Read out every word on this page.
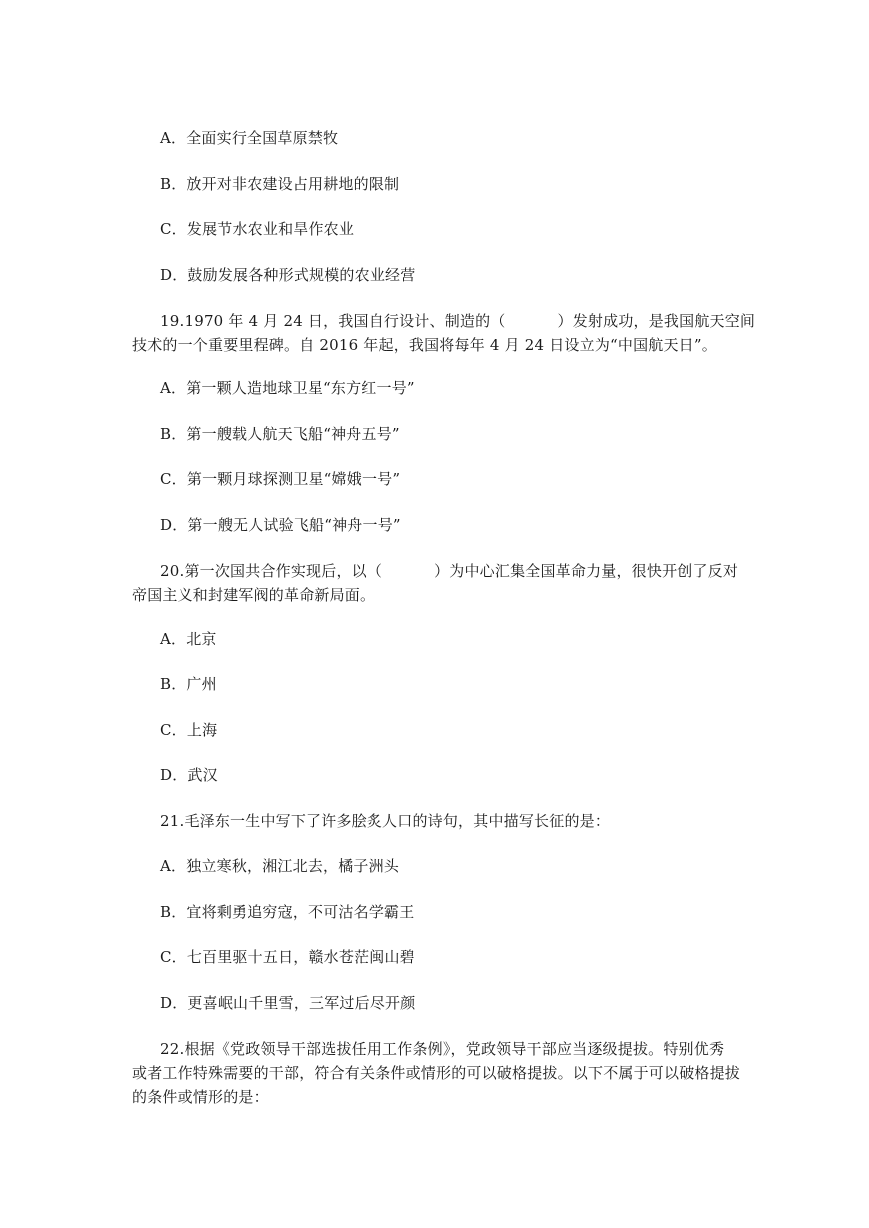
A．全面实行全国草原禁牧
B．放开对非农建设占用耕地的限制
C．发展节水农业和旱作农业
D．鼓励发展各种形式规模的农业经营
19.1970 年 4 月 24 日，我国自行设计、制造的（	）发射成功，是我国航天空间
技术的一个重要里程碑。自 2016 年起，我国将每年 4 月 24 日设立为“中国航天日”。
A．第一颗人造地球卫星“东方红一号”
B．第一艘载人航天飞船“神舟五号”
C．第一颗月球探测卫星“嫦娥一号”
D．第一艘无人试验飞船“神舟一号”
20.第一次国共合作实现后，以（	）为中心汇集全国革命力量，很快开创了反对
帝国主义和封建军阀的革命新局面。
A．北京
B．广州
C．上海
D．武汉
21.毛泽东一生中写下了许多脍炙人口的诗句，其中描写长征的是：
A．独立寒秋，湘江北去，橘子洲头
B．宜将剩勇追穷寇，不可沽名学霸王
C．七百里驱十五日，赣水苍茫闽山碧
D．更喜岷山千里雪，三军过后尽开颜
22.根据《党政领导干部选拔任用工作条例》，党政领导干部应当逐级提拔。特别优秀
或者工作特殊需要的干部，符合有关条件或情形的可以破格提拔。以下不属于可以破格提拔
的条件或情形的是：
